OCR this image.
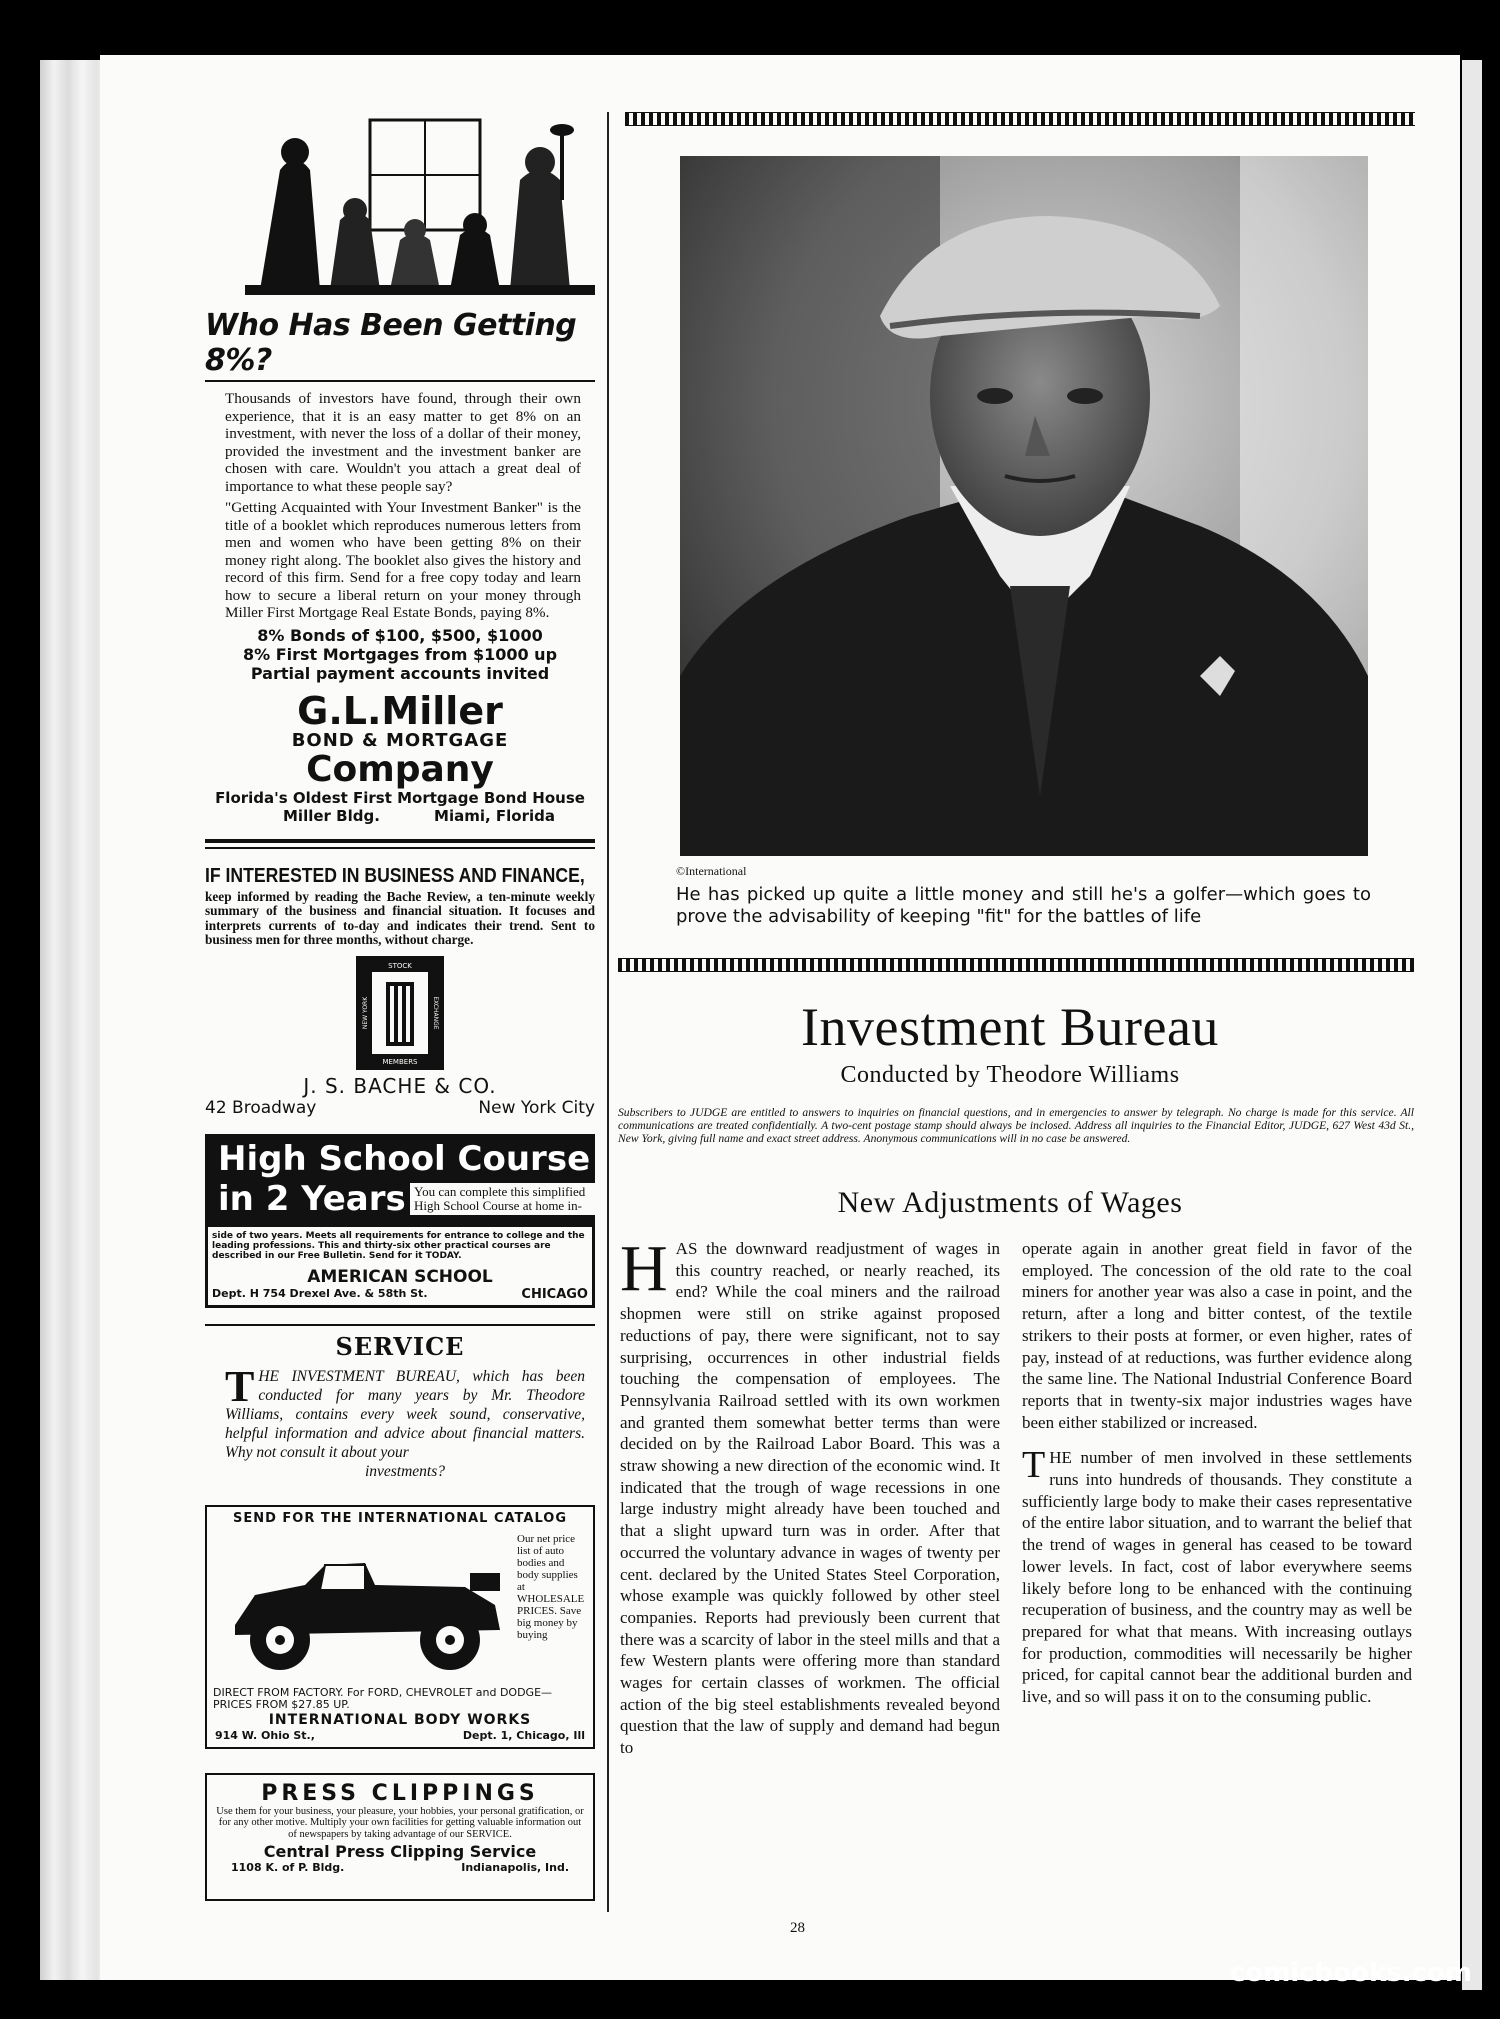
Who Has Been Getting 8%?

Thousands of investors have found, through their own experience, that it is an easy matter to get 8% on an investment, with never the loss of a dollar of their money, provided the investment and the investment banker are chosen with care. Wouldn't you attach a great deal of importance to what these people say?

"Getting Acquainted with Your Investment Banker" is the title of a booklet which reproduces numerous letters from men and women who have been getting 8% on their money right along. The booklet also gives the history and record of this firm. Send for a free copy today and learn how to secure a liberal return on your money through Miller First Mortgage Real Estate Bonds, paying 8%.

8% Bonds of $100, $500, $1000
8% First Mortgages from $1000 up
Partial payment accounts invited
G.L.Miller
BOND & MORTGAGE
Company
Florida's Oldest First Mortgage Bond House
Miller Bldg.	Miami, Florida
IF INTERESTED IN BUSINESS AND FINANCE,
keep informed by reading the Bache Review, a ten-minute weekly summary of the business and financial situation. It focuses and interprets currents of to-day and indicates their trend. Sent to business men for three months, without charge.
STOCK
MEMBERS
NEW YORK	EXCHANGE
J. S. BACHE & CO.
42 Broadway	New York City
High School Course
in 2 Years You can complete this simplified High School Course at home in-
side of two years. Meets all requirements for entrance to college and the leading professions. This and thirty-six other practical courses are described in our Free Bulletin. Send for it TODAY.
AMERICAN SCHOOL
Dept. H 754 Drexel Ave. & 58th St.	CHICAGO
SERVICE
T HE INVESTMENT BUREAU, which has been conducted for many years by Mr. Theodore Williams, contains every week sound, conservative, helpful information and advice about financial matters. Why not consult it about your
investments?
SEND FOR THE INTERNATIONAL CATALOG
Our net price list of auto bodies and body supplies at WHOLESALE PRICES. Save big money by buying
DIRECT FROM FACTORY. For FORD, CHEVROLET and DODGE—PRICES FROM $27.85 UP.
INTERNATIONAL BODY WORKS
914 W. Ohio St.,	Dept. 1, Chicago, Ill
PRESS CLIPPINGS
Use them for your business, your pleasure, your hobbies, your personal gratification, or for any other motive. Multiply your own facilities for getting valuable information out of newspapers by taking advantage of our SERVICE.
Central Press Clipping Service
1108 K. of P. Bldg.	Indianapolis, Ind.
©International
He has picked up quite a little money and still he's a golfer—which goes to prove the advisability of keeping "fit" for the battles of life
Investment Bureau
Conducted by Theodore Williams
Subscribers to JUDGE are entitled to answers to inquiries on financial questions, and in emergencies to answer by telegraph. No charge is made for this service. All communications are treated confidentially. A two-cent postage stamp should always be inclosed. Address all inquiries to the Financial Editor, JUDGE, 627 West 43d St., New York, giving full name and exact street address. Anonymous communications will in no case be answered.
New Adjustments of Wages
H AS the downward readjustment of wages in this country reached, or nearly reached, its end? While the coal miners and the railroad shopmen were still on strike against proposed reductions of pay, there were significant, not to say surprising, occurrences in other industrial fields touching the compensation of employees. The Pennsylvania Railroad settled with its own workmen and granted them somewhat better terms than were decided on by the Railroad Labor Board. This was a straw showing a new direction of the economic wind. It indicated that the trough of wage recessions in one large industry might already have been touched and that a slight upward turn was in order. After that occurred the voluntary advance in wages of twenty per cent. declared by the United States Steel Corporation, whose example was quickly followed by other steel companies. Reports had previously been current that there was a scarcity of labor in the steel mills and that a few Western plants were offering more than standard wages for certain classes of workmen. The official action of the big steel establishments revealed beyond question that the law of supply and demand had begun to

operate again in another great field in favor of the employed. The concession of the old rate to the coal miners for another year was also a case in point, and the return, after a long and bitter contest, of the textile strikers to their posts at former, or even higher, rates of pay, instead of at reductions, was further evidence along the same line. The National Industrial Conference Board reports that in twenty-six major industries wages have been either stabilized or increased.

T HE number of men involved in these settlements runs into hundreds of thousands. They constitute a sufficiently large body to make their cases representative of the entire labor situation, and to warrant the belief that the trend of wages in general has ceased to be toward lower levels. In fact, cost of labor everywhere seems likely before long to be enhanced with the continuing recuperation of business, and the country may as well be prepared for what that means. With increasing outlays for production, commodities will necessarily be higher priced, for capital cannot bear the additional burden and live, and so will pass it on to the consuming public.

28
comicbooks.com
